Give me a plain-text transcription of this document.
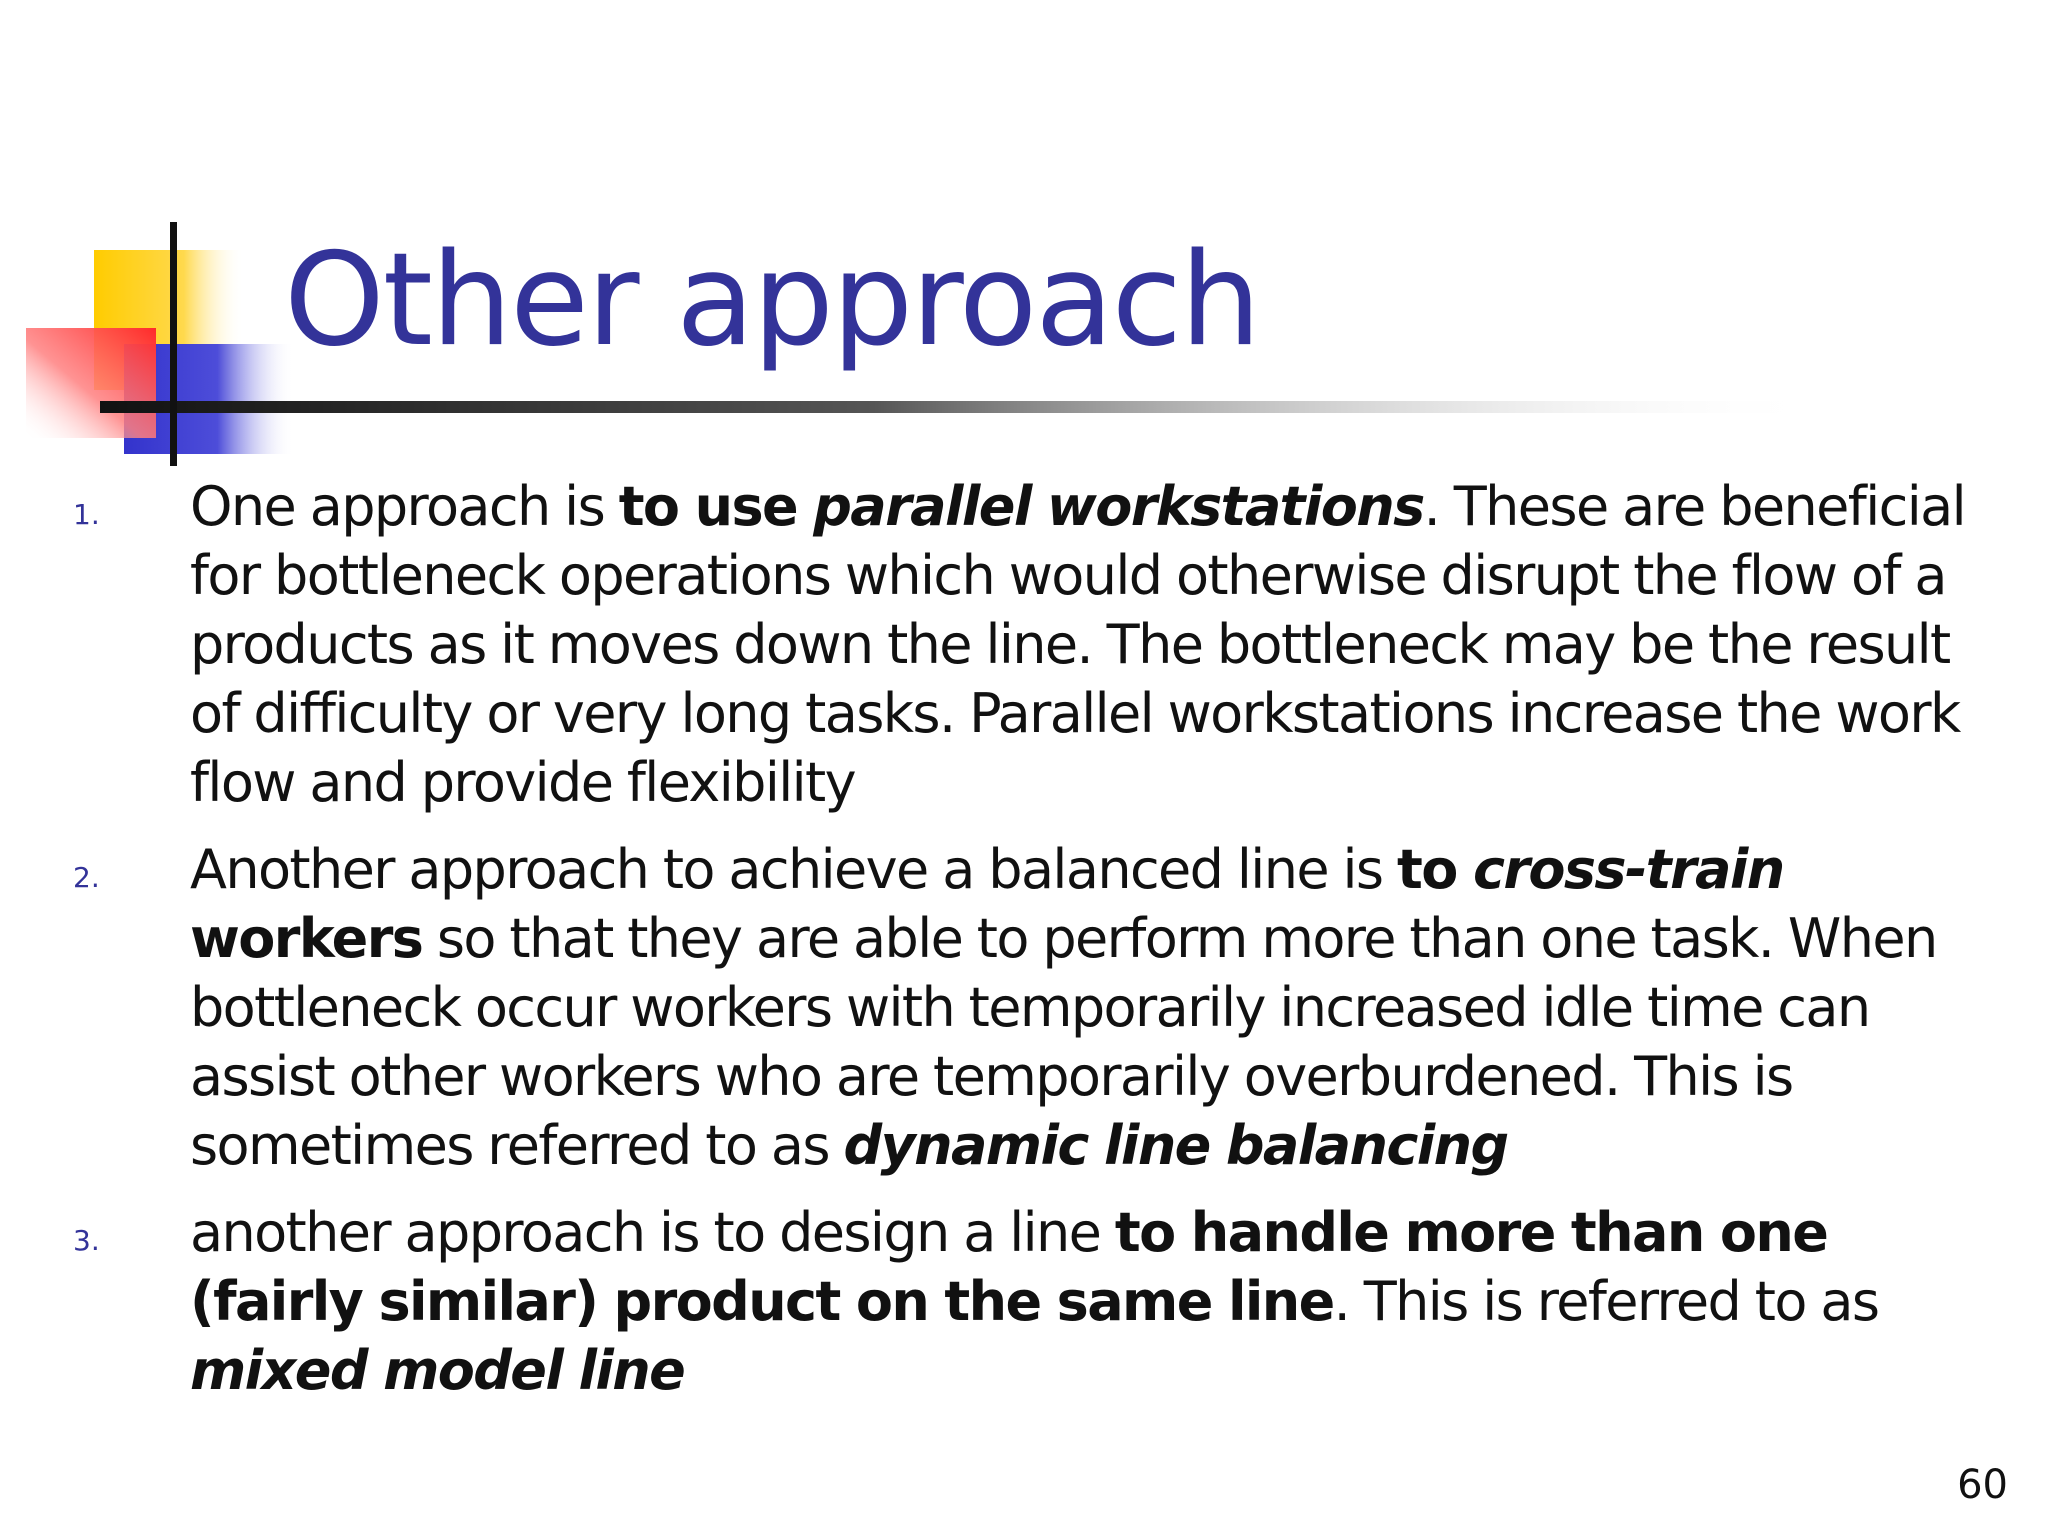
Other approach
1. One approach is to use parallel workstations. These are beneficial for bottleneck operations which would otherwise disrupt the flow of a products as it moves down the line. The bottleneck may be the result of difficulty or very long tasks. Parallel workstations increase the work flow and provide flexibility
2. Another approach to achieve a balanced line is to cross-train workers so that they are able to perform more than one task. When bottleneck occur workers with temporarily increased idle time can assist other workers who are temporarily overburdened. This is sometimes referred to as dynamic line balancing
3. another approach is to design a line to handle more than one (fairly similar) product on the same line. This is referred to as mixed model line
60
